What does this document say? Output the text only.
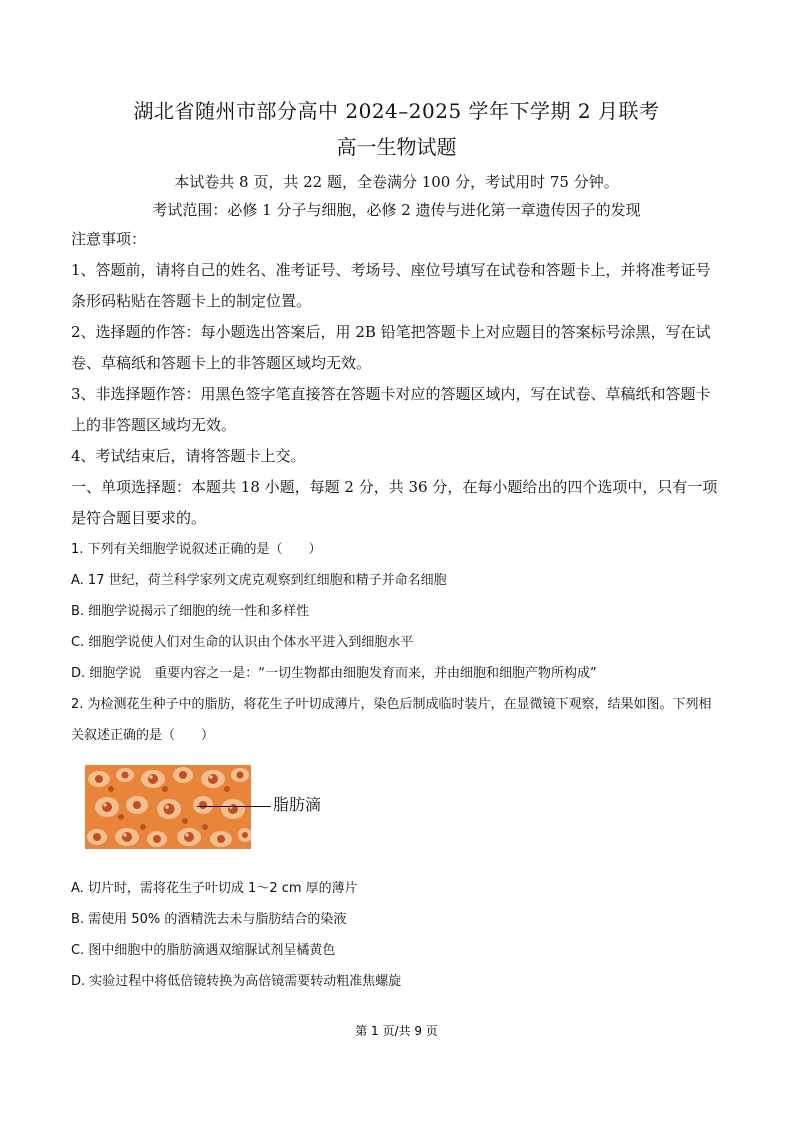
湖北省随州市部分高中 2024–2025 学年下学期 2 月联考
高一生物试题

本试卷共 8 页，共 22 题，全卷满分 100 分，考试用时 75 分钟。

考试范围：必修 1 分子与细胞，必修 2 遗传与进化第一章遗传因子的发现

注意事项：

1、答题前，请将自己的姓名、准考证号、考场号、座位号填写在试卷和答题卡上，并将准考证号条形码粘贴在答题卡上的制定位置。

2、选择题的作答：每小题选出答案后，用 2B 铅笔把答题卡上对应题目的答案标号涂黑，写在试卷、草稿纸和答题卡上的非答题区域均无效。

3、非选择题作答：用黑色签字笔直接答在答题卡对应的答题区域内，写在试卷、草稿纸和答题卡上的非答题区域均无效。

4、考试结束后，请将答题卡上交。

一、单项选择题：本题共 18 小题，每题 2 分，共 36 分，在每小题给出的四个选项中，只有一项是符合题目要求的。

1. 下列有关细胞学说叙述正确的是（　　）

A. 17 世纪，荷兰科学家列文虎克观察到红细胞和精子并命名细胞

B. 细胞学说揭示了细胞的统一性和多样性

C. 细胞学说使人们对生命的认识由个体水平进入到细胞水平

D. 细胞学说　重要内容之一是：“一切生物都由细胞发育而来，并由细胞和细胞产物所构成”

2. 为检测花生种子中的脂肪，将花生子叶切成薄片，染色后制成临时装片，在显微镜下观察，结果如图。下列相关叙述正确的是（　　）

脂肪滴

A. 切片时，需将花生子叶切成 1～2 cm 厚的薄片

B. 需使用 50% 的酒精洗去未与脂肪结合的染液

C. 图中细胞中的脂肪滴遇双缩脲试剂呈橘黄色

D. 实验过程中将低倍镜转换为高倍镜需要转动粗准焦螺旋

第 1 页/共 9 页
